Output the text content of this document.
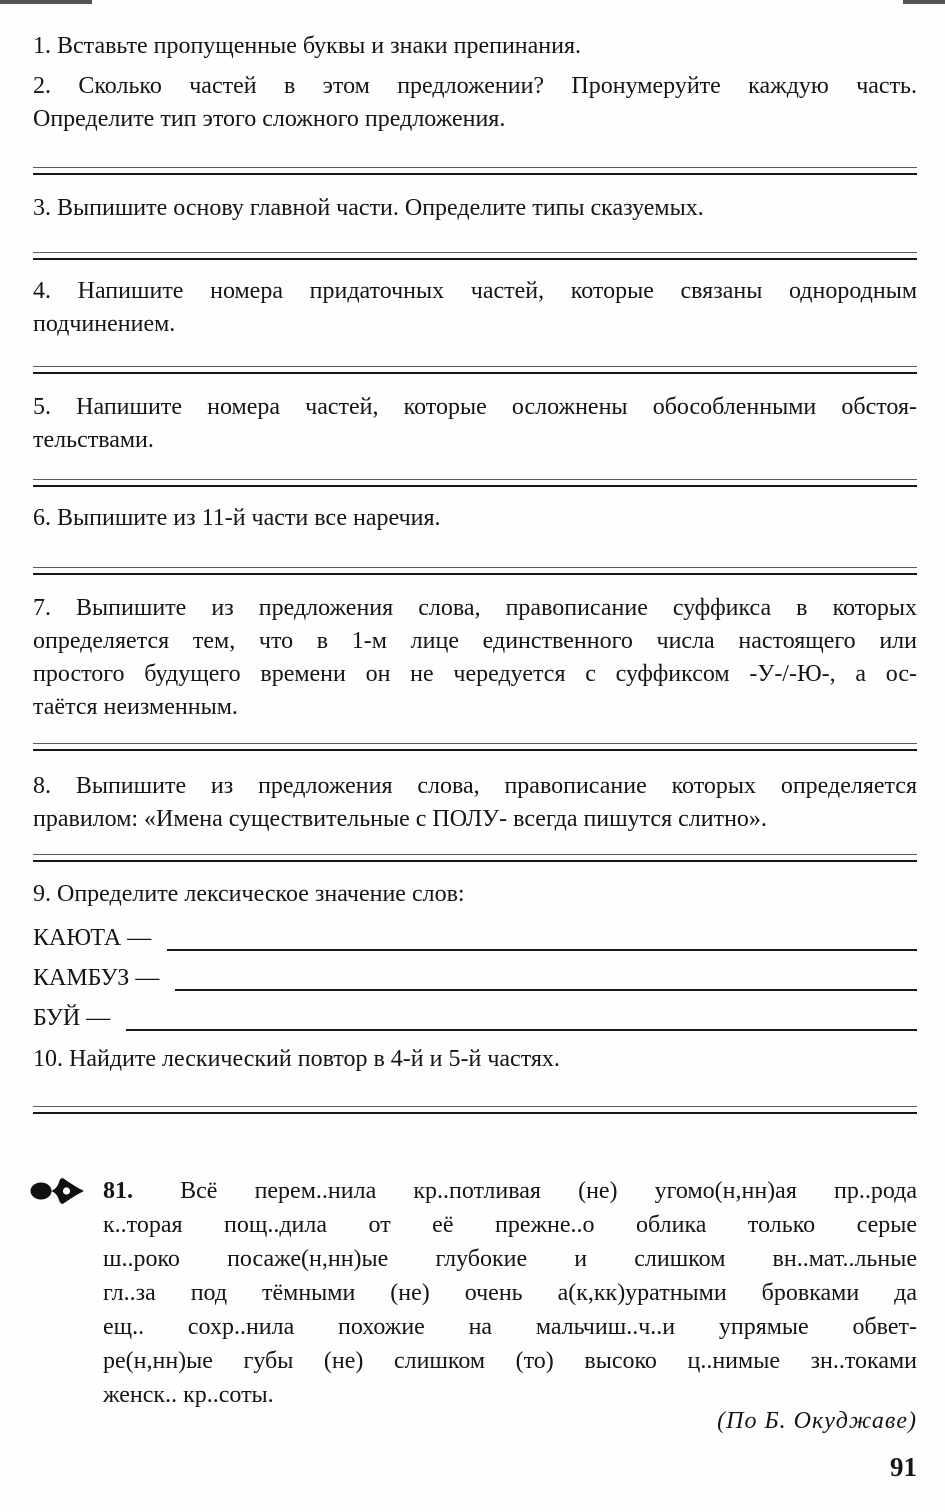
1. Вставьте пропущенные буквы и знаки препинания.
2. Сколько частей в этом предложении? Пронумеруйте каждую часть.
Определите тип этого сложного предложения.
3. Выпишите основу главной части. Определите типы сказуемых.
4. Напишите номера придаточных частей, которые связаны однородным
подчинением.
5. Напишите номера частей, которые осложнены обособленными обстоя-
тельствами.
6. Выпишите из 11-й части все наречия.
7. Выпишите из предложения слова, правописание суффикса в которых
определяется тем, что в 1-м лице единственного числа настоящего или
простого будущего времени он не чередуется с суффиксом -У-/-Ю-, а ос-
таётся неизменным.
8. Выпишите из предложения слова, правописание которых определяется
правилом: «Имена существительные с ПОЛУ- всегда пишутся слитно».
9. Определите лексическое значение слов:
КАЮТА —
КАМБУЗ —
БУЙ —
10. Найдите лескический повтор в 4-й и 5-й частях.
81. Всё перем..нила кр..потливая (не) угомо(н,нн)ая пр..рода
к..торая пощ..дила от её прежне..о облика только серые
ш..роко посаже(н,нн)ые глубокие и слишком вн..мат..льные
гл..за под тёмными (не) очень а(к,кк)уратными бровками да
ещ.. сохр..нила похожие на мальчиш..ч..и упрямые обвет-
ре(н,нн)ые губы (не) слишком (то) высоко ц..нимые зн..токами
женск.. кр..соты.
(По Б. Окуджаве)
91
